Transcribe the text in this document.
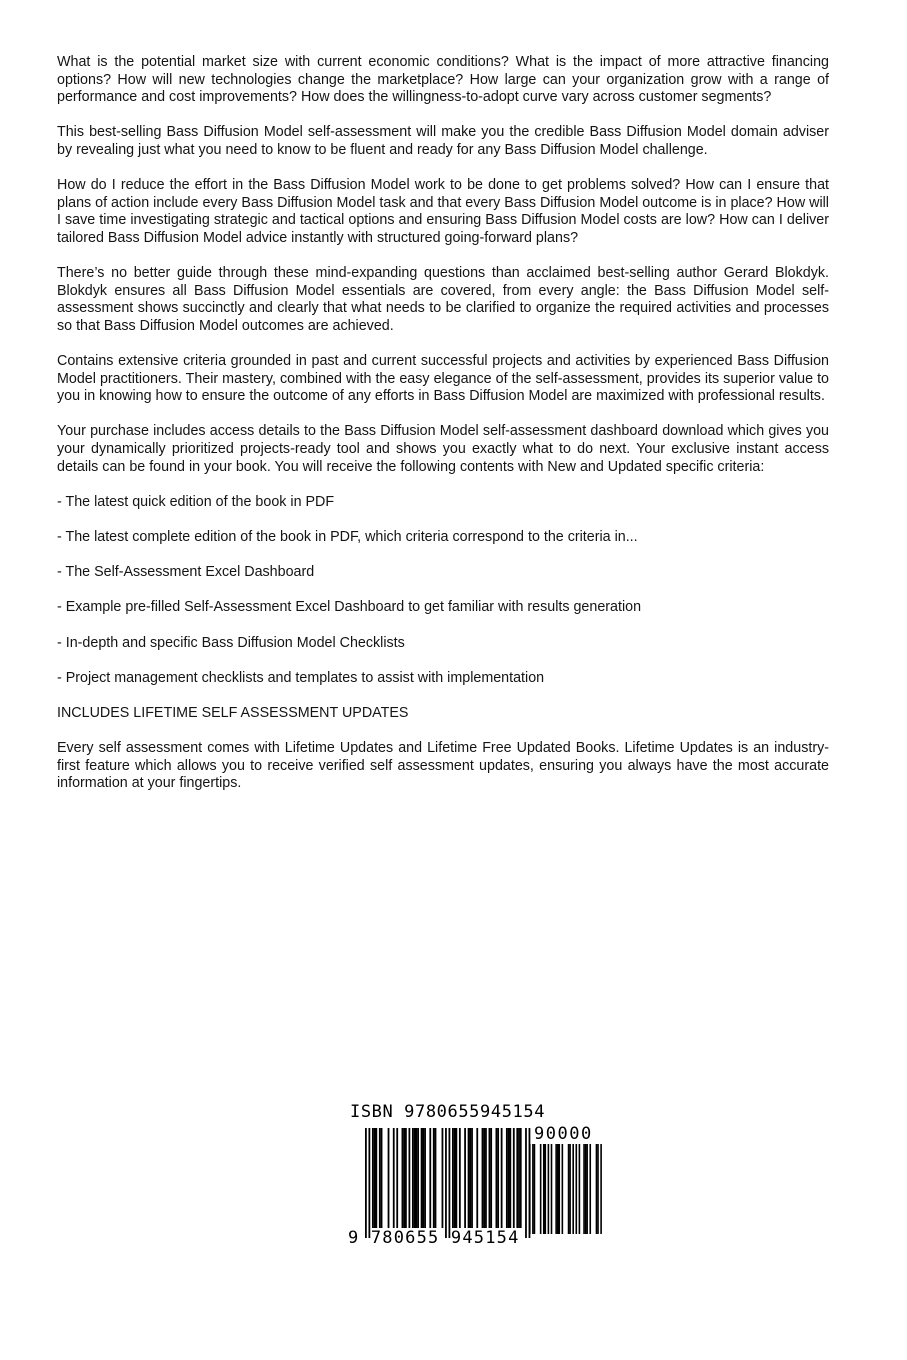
What is the potential market size with current economic conditions? What is the impact of more attractive financing options? How will new technologies change the marketplace? How large can your organization grow with a range of performance and cost improvements? How does the willingness-to-adopt curve vary across customer segments?

This best-selling Bass Diffusion Model self-assessment will make you the credible Bass Diffusion Model domain adviser by revealing just what you need to know to be fluent and ready for any Bass Diffusion Model challenge.

How do I reduce the effort in the Bass Diffusion Model work to be done to get problems solved? How can I ensure that plans of action include every Bass Diffusion Model task and that every Bass Diffusion Model outcome is in place? How will I save time investigating strategic and tactical options and ensuring Bass Diffusion Model costs are low? How can I deliver tailored Bass Diffusion Model advice instantly with structured going-forward plans?

There’s no better guide through these mind-expanding questions than acclaimed best-selling author Gerard Blokdyk. Blokdyk ensures all Bass Diffusion Model essentials are covered, from every angle: the Bass Diffusion Model self-assessment shows succinctly and clearly that what needs to be clarified to organize the required activities and processes so that Bass Diffusion Model outcomes are achieved.

Contains extensive criteria grounded in past and current successful projects and activities by experienced Bass Diffusion Model practitioners. Their mastery, combined with the easy elegance of the self-assessment, provides its superior value to you in knowing how to ensure the outcome of any efforts in Bass Diffusion Model are maximized with professional results.

Your purchase includes access details to the Bass Diffusion Model self-assessment dashboard download which gives you your dynamically prioritized projects-ready tool and shows you exactly what to do next. Your exclusive instant access details can be found in your book. You will receive the following contents with New and Updated specific criteria:

- The latest quick edition of the book in PDF

- The latest complete edition of the book in PDF, which criteria correspond to the criteria in...

- The Self-Assessment Excel Dashboard

- Example pre-filled Self-Assessment Excel Dashboard to get familiar with results generation

- In-depth and specific Bass Diffusion Model Checklists

- Project management checklists and templates to assist with implementation

INCLUDES LIFETIME SELF ASSESSMENT UPDATES

Every self assessment comes with Lifetime Updates and Lifetime Free Updated Books. Lifetime Updates is an industry-first feature which allows you to receive verified self assessment updates, ensuring you always have the most accurate information at your fingertips.

ISBN 9780655945154
90000
9 780655 945154
